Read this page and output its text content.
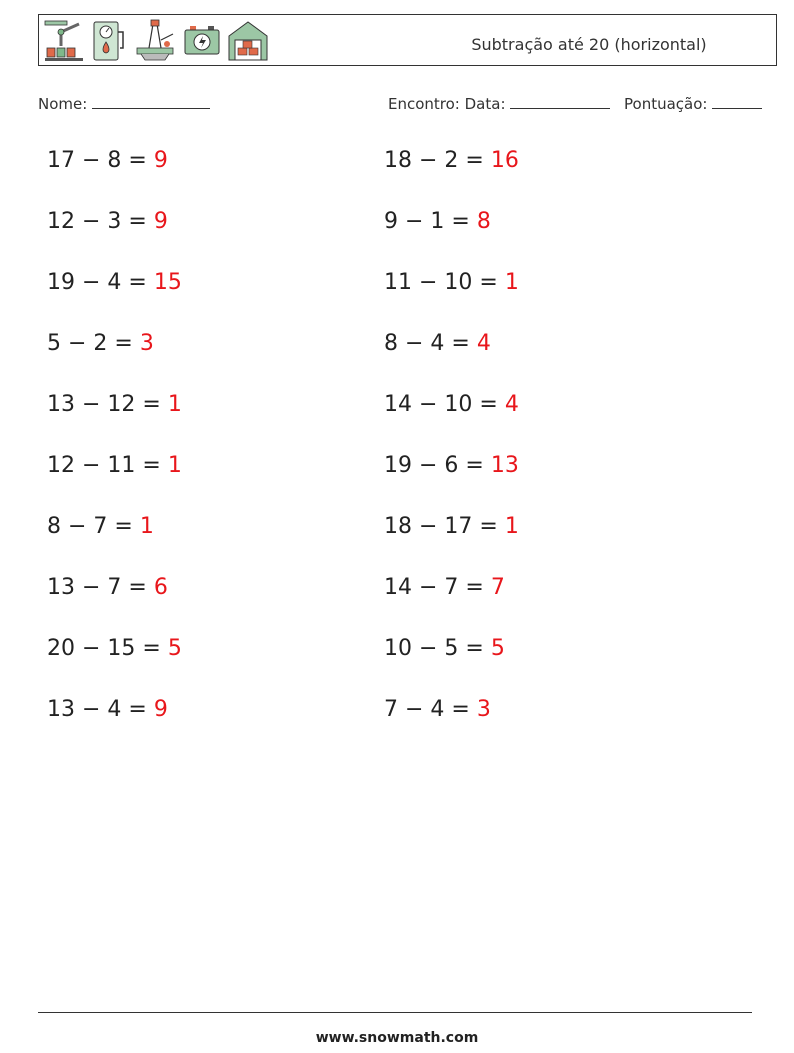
Subtração até 20 (horizontal)
Nome:	Encontro: Data:	Pontuação:
17 − 8 = 9
12 − 3 = 9
19 − 4 = 15
5 − 2 = 3
13 − 12 = 1
12 − 11 = 1
8 − 7 = 1
13 − 7 = 6
20 − 15 = 5
13 − 4 = 9
18 − 2 = 16
9 − 1 = 8
11 − 10 = 1
8 − 4 = 4
14 − 10 = 4
19 − 6 = 13
18 − 17 = 1
14 − 7 = 7
10 − 5 = 5
7 − 4 = 3
www.snowmath.com
